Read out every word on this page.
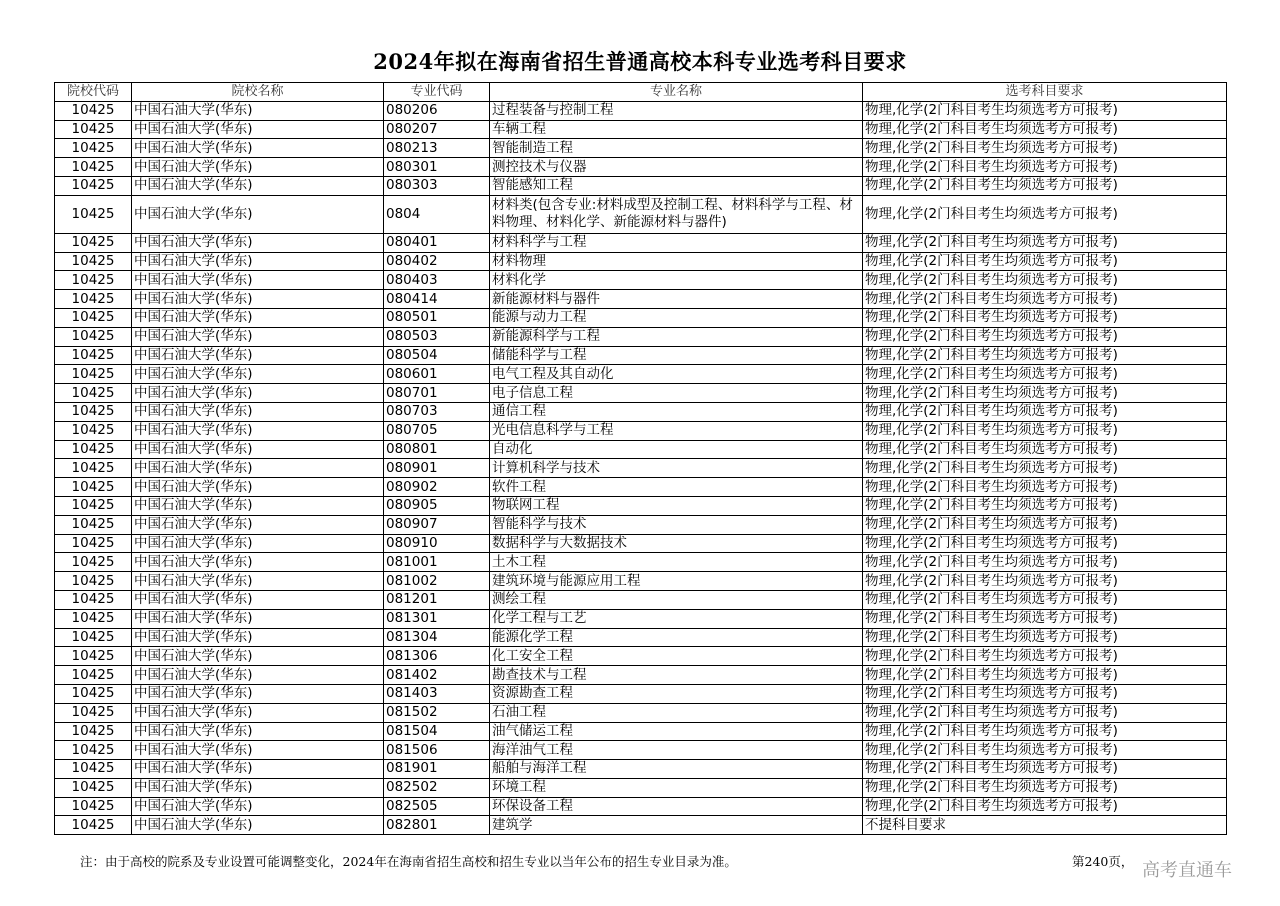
2024年拟在海南省招生普通高校本科专业选考科目要求
院校代码	院校名称	专业代码	专业名称	选考科目要求
10425	中国石油大学(华东)	080206	过程装备与控制工程	物理,化学(2门科目考生均须选考方可报考)
10425	中国石油大学(华东)	080207	车辆工程	物理,化学(2门科目考生均须选考方可报考)
10425	中国石油大学(华东)	080213	智能制造工程	物理,化学(2门科目考生均须选考方可报考)
10425	中国石油大学(华东)	080301	测控技术与仪器	物理,化学(2门科目考生均须选考方可报考)
10425	中国石油大学(华东)	080303	智能感知工程	物理,化学(2门科目考生均须选考方可报考)
10425	中国石油大学(华东)	0804	材料类(包含专业:材料成型及控制工程、材料科学与工程、材料物理、材料化学、新能源材料与器件)	物理,化学(2门科目考生均须选考方可报考)
10425	中国石油大学(华东)	080401	材料科学与工程	物理,化学(2门科目考生均须选考方可报考)
10425	中国石油大学(华东)	080402	材料物理	物理,化学(2门科目考生均须选考方可报考)
10425	中国石油大学(华东)	080403	材料化学	物理,化学(2门科目考生均须选考方可报考)
10425	中国石油大学(华东)	080414	新能源材料与器件	物理,化学(2门科目考生均须选考方可报考)
10425	中国石油大学(华东)	080501	能源与动力工程	物理,化学(2门科目考生均须选考方可报考)
10425	中国石油大学(华东)	080503	新能源科学与工程	物理,化学(2门科目考生均须选考方可报考)
10425	中国石油大学(华东)	080504	储能科学与工程	物理,化学(2门科目考生均须选考方可报考)
10425	中国石油大学(华东)	080601	电气工程及其自动化	物理,化学(2门科目考生均须选考方可报考)
10425	中国石油大学(华东)	080701	电子信息工程	物理,化学(2门科目考生均须选考方可报考)
10425	中国石油大学(华东)	080703	通信工程	物理,化学(2门科目考生均须选考方可报考)
10425	中国石油大学(华东)	080705	光电信息科学与工程	物理,化学(2门科目考生均须选考方可报考)
10425	中国石油大学(华东)	080801	自动化	物理,化学(2门科目考生均须选考方可报考)
10425	中国石油大学(华东)	080901	计算机科学与技术	物理,化学(2门科目考生均须选考方可报考)
10425	中国石油大学(华东)	080902	软件工程	物理,化学(2门科目考生均须选考方可报考)
10425	中国石油大学(华东)	080905	物联网工程	物理,化学(2门科目考生均须选考方可报考)
10425	中国石油大学(华东)	080907	智能科学与技术	物理,化学(2门科目考生均须选考方可报考)
10425	中国石油大学(华东)	080910	数据科学与大数据技术	物理,化学(2门科目考生均须选考方可报考)
10425	中国石油大学(华东)	081001	土木工程	物理,化学(2门科目考生均须选考方可报考)
10425	中国石油大学(华东)	081002	建筑环境与能源应用工程	物理,化学(2门科目考生均须选考方可报考)
10425	中国石油大学(华东)	081201	测绘工程	物理,化学(2门科目考生均须选考方可报考)
10425	中国石油大学(华东)	081301	化学工程与工艺	物理,化学(2门科目考生均须选考方可报考)
10425	中国石油大学(华东)	081304	能源化学工程	物理,化学(2门科目考生均须选考方可报考)
10425	中国石油大学(华东)	081306	化工安全工程	物理,化学(2门科目考生均须选考方可报考)
10425	中国石油大学(华东)	081402	勘查技术与工程	物理,化学(2门科目考生均须选考方可报考)
10425	中国石油大学(华东)	081403	资源勘查工程	物理,化学(2门科目考生均须选考方可报考)
10425	中国石油大学(华东)	081502	石油工程	物理,化学(2门科目考生均须选考方可报考)
10425	中国石油大学(华东)	081504	油气储运工程	物理,化学(2门科目考生均须选考方可报考)
10425	中国石油大学(华东)	081506	海洋油气工程	物理,化学(2门科目考生均须选考方可报考)
10425	中国石油大学(华东)	081901	船舶与海洋工程	物理,化学(2门科目考生均须选考方可报考)
10425	中国石油大学(华东)	082502	环境工程	物理,化学(2门科目考生均须选考方可报考)
10425	中国石油大学(华东)	082505	环保设备工程	物理,化学(2门科目考生均须选考方可报考)
10425	中国石油大学(华东)	082801	建筑学	不提科目要求
注：由于高校的院系及专业设置可能调整变化，2024年在海南省招生高校和招生专业以当年公布的招生专业目录为准。	第240页， 高考直通车
